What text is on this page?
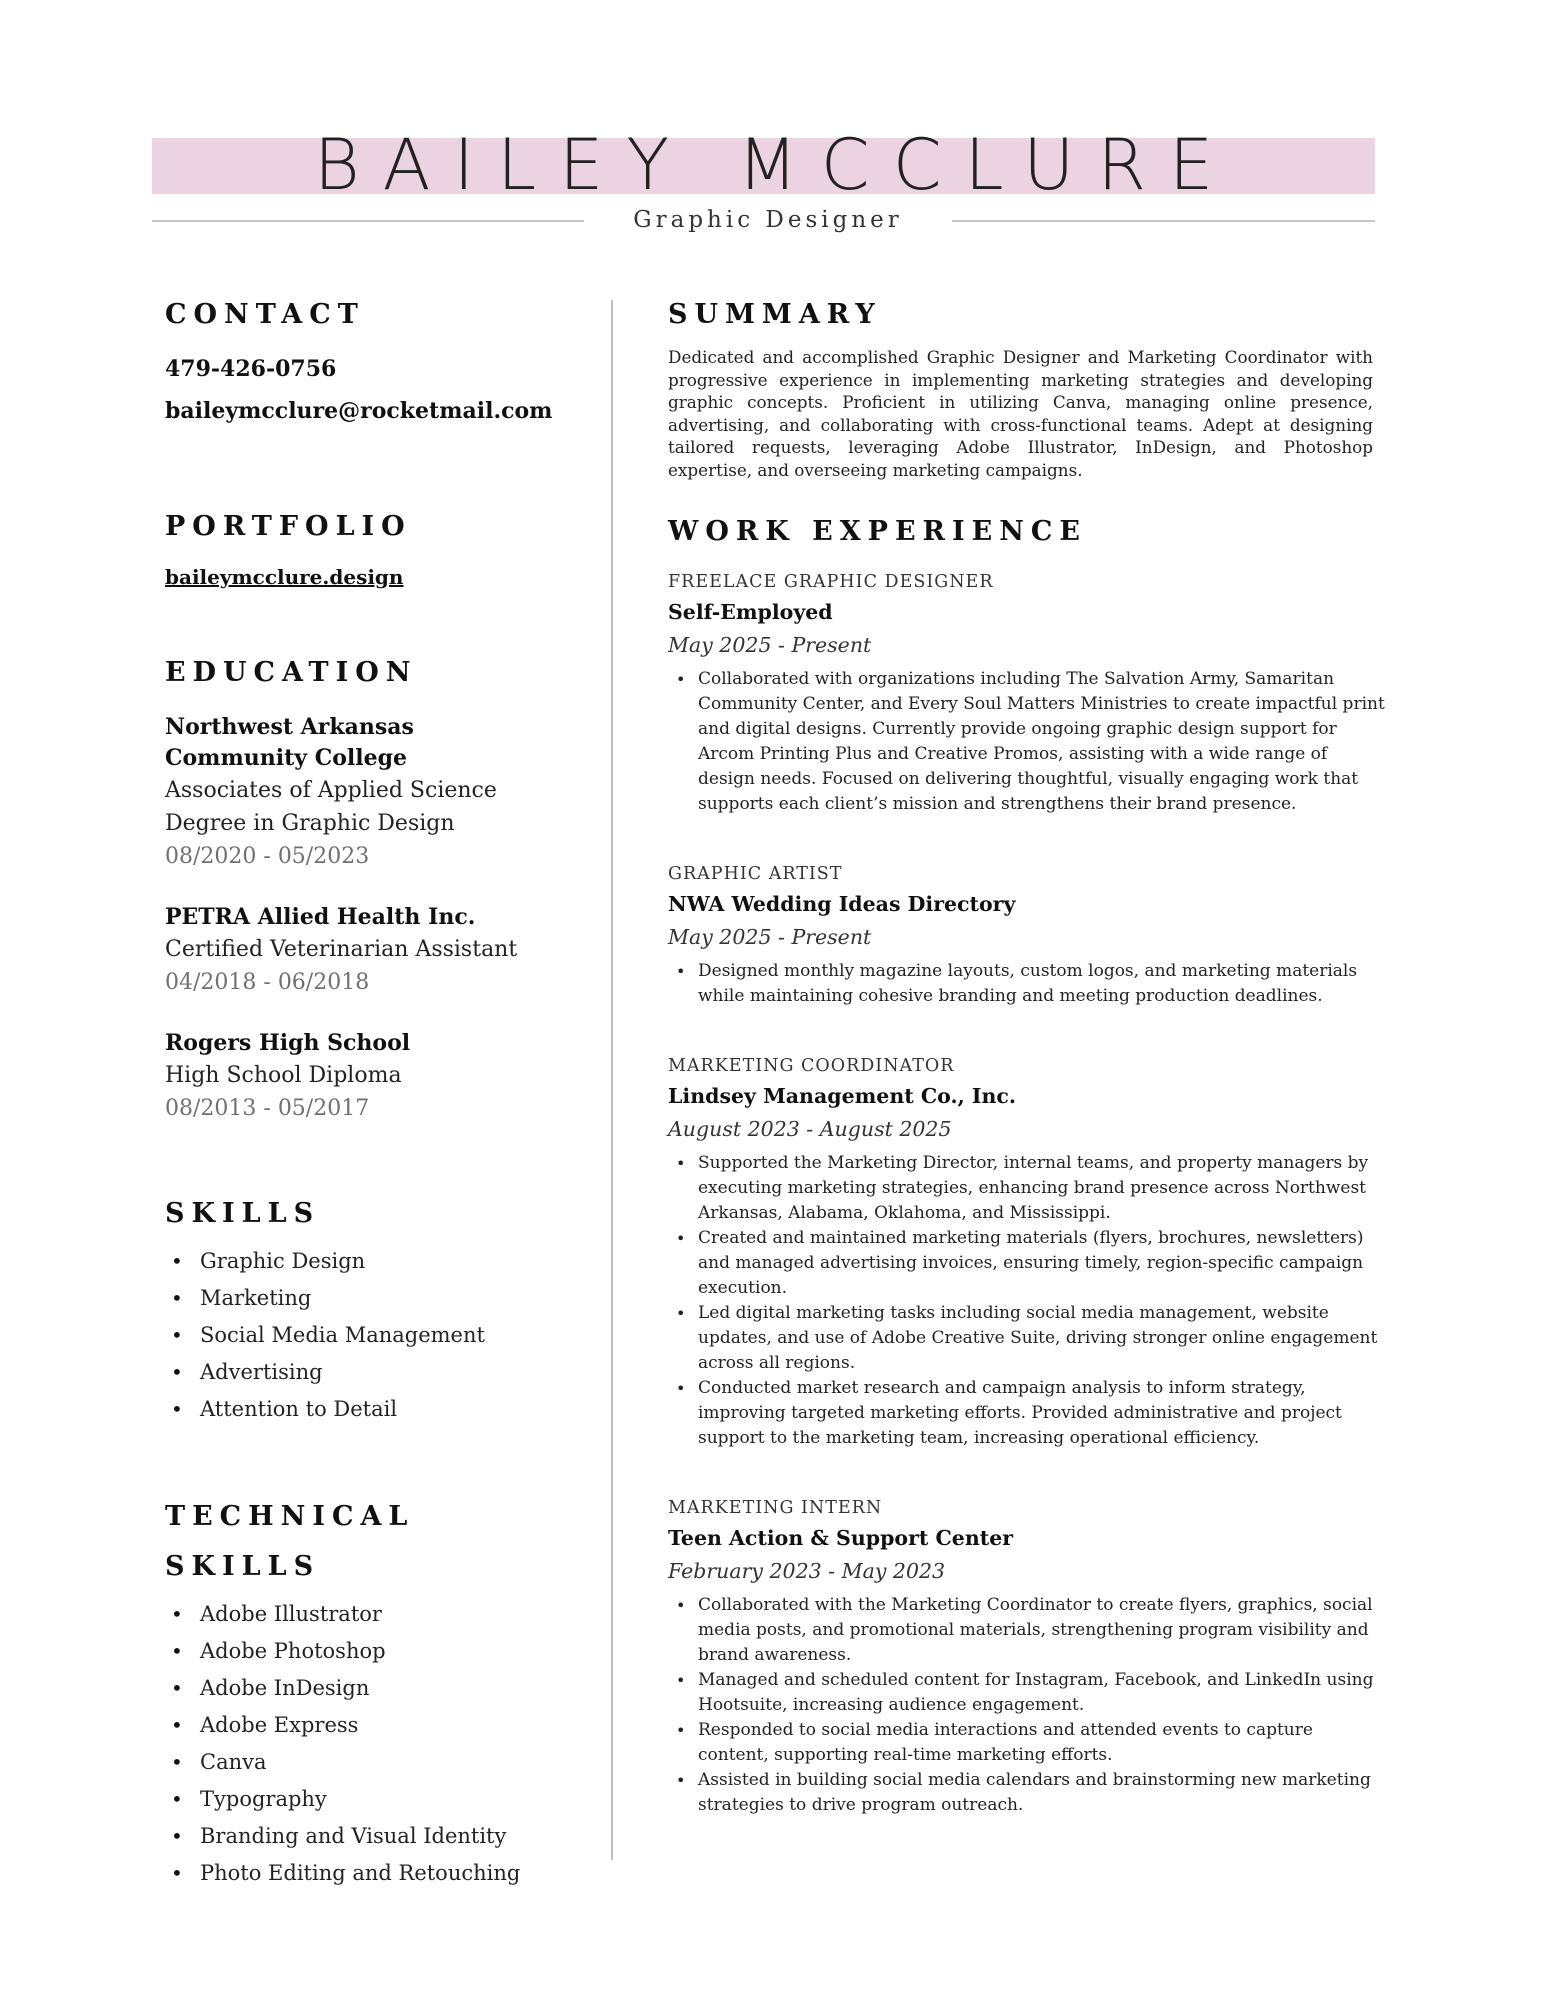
BAILEY MCCLURE
Graphic Designer
CONTACT
479-426-0756
baileymcclure@rocketmail.com
PORTFOLIO
baileymcclure.design
EDUCATION
Northwest Arkansas
Community College
Associates of Applied Science
Degree in Graphic Design
08/2020 - 05/2023
PETRA Allied Health Inc.
Certified Veterinarian Assistant
04/2018 - 06/2018
Rogers High School
High School Diploma
08/2013 - 05/2017
SKILLS
• Graphic Design
• Marketing
• Social Media Management
• Advertising
• Attention to Detail
TECHNICAL SKILLS
• Adobe Illustrator
• Adobe Photoshop
• Adobe InDesign
• Adobe Express
• Canva
• Typography
• Branding and Visual Identity
• Photo Editing and Retouching
SUMMARY

Dedicated and accomplished Graphic Designer and Marketing Coordinator with progressive experience in implementing marketing strategies and developing graphic concepts. Proficient in utilizing Canva, managing online presence, advertising, and collaborating with cross-functional teams. Adept at designing tailored requests, leveraging Adobe Illustrator, InDesign, and Photoshop expertise, and overseeing marketing campaigns.

WORK EXPERIENCE
FREELACE GRAPHIC DESIGNER
Self-Employed
May 2025 - Present
• Collaborated with organizations including The Salvation Army, Samaritan Community Center, and Every Soul Matters Ministries to create impactful print and digital designs. Currently provide ongoing graphic design support for Arcom Printing Plus and Creative Promos, assisting with a wide range of design needs. Focused on delivering thoughtful, visually engaging work that supports each client’s mission and strengthens their brand presence.
GRAPHIC ARTIST
NWA Wedding Ideas Directory
May 2025 - Present
• Designed monthly magazine layouts, custom logos, and marketing materials while maintaining cohesive branding and meeting production deadlines.
MARKETING COORDINATOR
Lindsey Management Co., Inc.
August 2023 - August 2025
• Supported the Marketing Director, internal teams, and property managers by executing marketing strategies, enhancing brand presence across Northwest Arkansas, Alabama, Oklahoma, and Mississippi.
• Created and maintained marketing materials (flyers, brochures, newsletters) and managed advertising invoices, ensuring timely, region-specific campaign execution.
• Led digital marketing tasks including social media management, website updates, and use of Adobe Creative Suite, driving stronger online engagement across all regions.
• Conducted market research and campaign analysis to inform strategy, improving targeted marketing efforts. Provided administrative and project support to the marketing team, increasing operational efficiency.
MARKETING INTERN
Teen Action & Support Center
February 2023 - May 2023
• Collaborated with the Marketing Coordinator to create flyers, graphics, social media posts, and promotional materials, strengthening program visibility and brand awareness.
• Managed and scheduled content for Instagram, Facebook, and LinkedIn using Hootsuite, increasing audience engagement.
• Responded to social media interactions and attended events to capture content, supporting real-time marketing efforts.
• Assisted in building social media calendars and brainstorming new marketing strategies to drive program outreach.
